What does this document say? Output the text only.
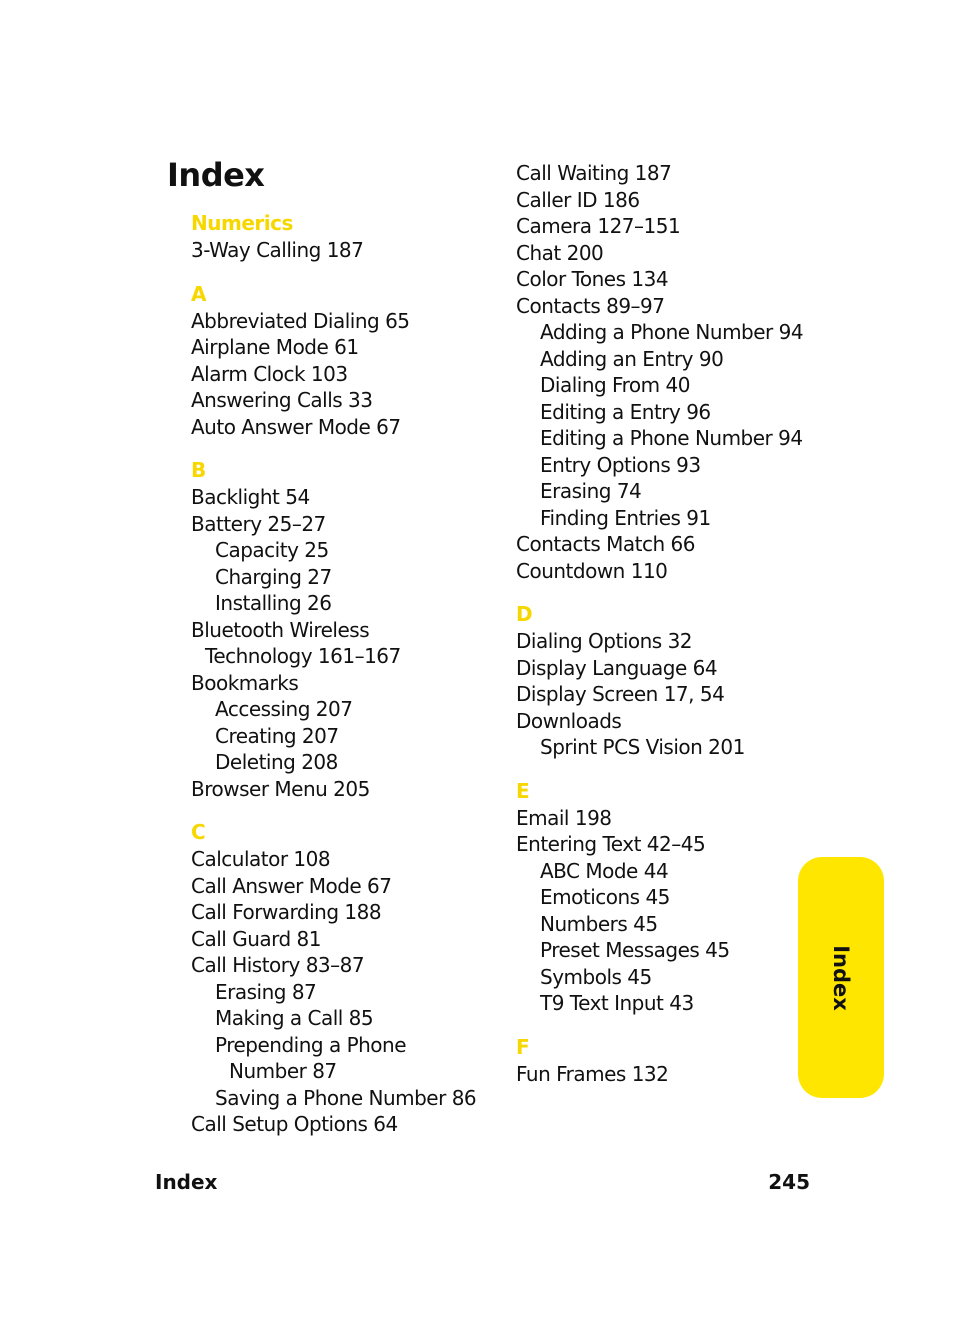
Index
Numerics
3-Way Calling 187
A
Abbreviated Dialing 65
Airplane Mode 61
Alarm Clock 103
Answering Calls 33
Auto Answer Mode 67
B
Backlight 54
Battery 25–27
Capacity 25
Charging 27
Installing 26
Bluetooth Wireless
Technology 161–167
Bookmarks
Accessing 207
Creating 207
Deleting 208
Browser Menu 205
C
Calculator 108
Call Answer Mode 67
Call Forwarding 188
Call Guard 81
Call History 83–87
Erasing 87
Making a Call 85
Prepending a Phone
Number 87
Saving a Phone Number 86
Call Setup Options 64
Call Waiting 187
Caller ID 186
Camera 127–151
Chat 200
Color Tones 134
Contacts 89–97
Adding a Phone Number 94
Adding an Entry 90
Dialing From 40
Editing a Entry 96
Editing a Phone Number 94
Entry Options 93
Erasing 74
Finding Entries 91
Contacts Match 66
Countdown 110
D
Dialing Options 32
Display Language 64
Display Screen 17, 54
Downloads
Sprint PCS Vision 201
E
Email 198
Entering Text 42–45
ABC Mode 44
Emoticons 45
Numbers 45
Preset Messages 45
Symbols 45
T9 Text Input 43
F
Fun Frames 132
Index
Index	245
